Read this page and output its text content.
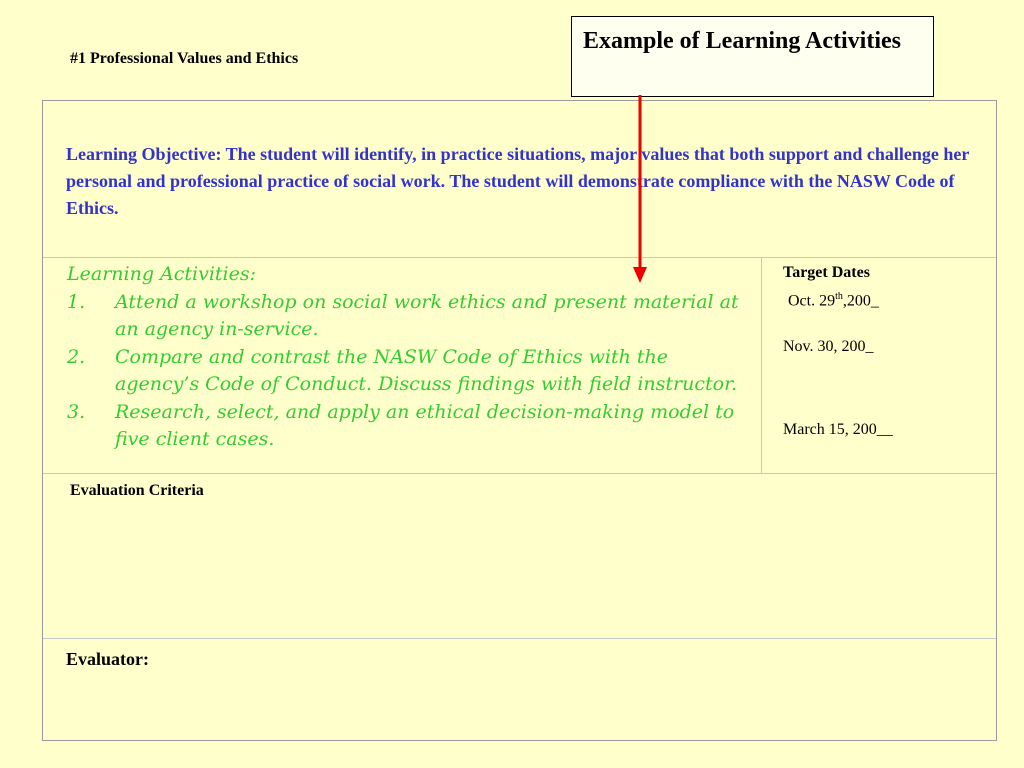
#1 Professional Values and Ethics
Example of Learning Activities
Learning Objective: The student will identify, in practice situations, major values that both support and challenge her personal and professional practice of social work. The student will demonstrate compliance with the NASW Code of Ethics.
Learning Activities:
1. Attend a workshop on social work ethics and present material at an agency in-service.
2. Compare and contrast the NASW Code of Ethics with the agency’s Code of Conduct. Discuss findings with field instructor.
3. Research, select, and apply an ethical decision-making model to five client cases.
Target Dates
Oct. 29th,200_
Nov. 30, 200_
March 15, 200__
Evaluation Criteria
Evaluator:
